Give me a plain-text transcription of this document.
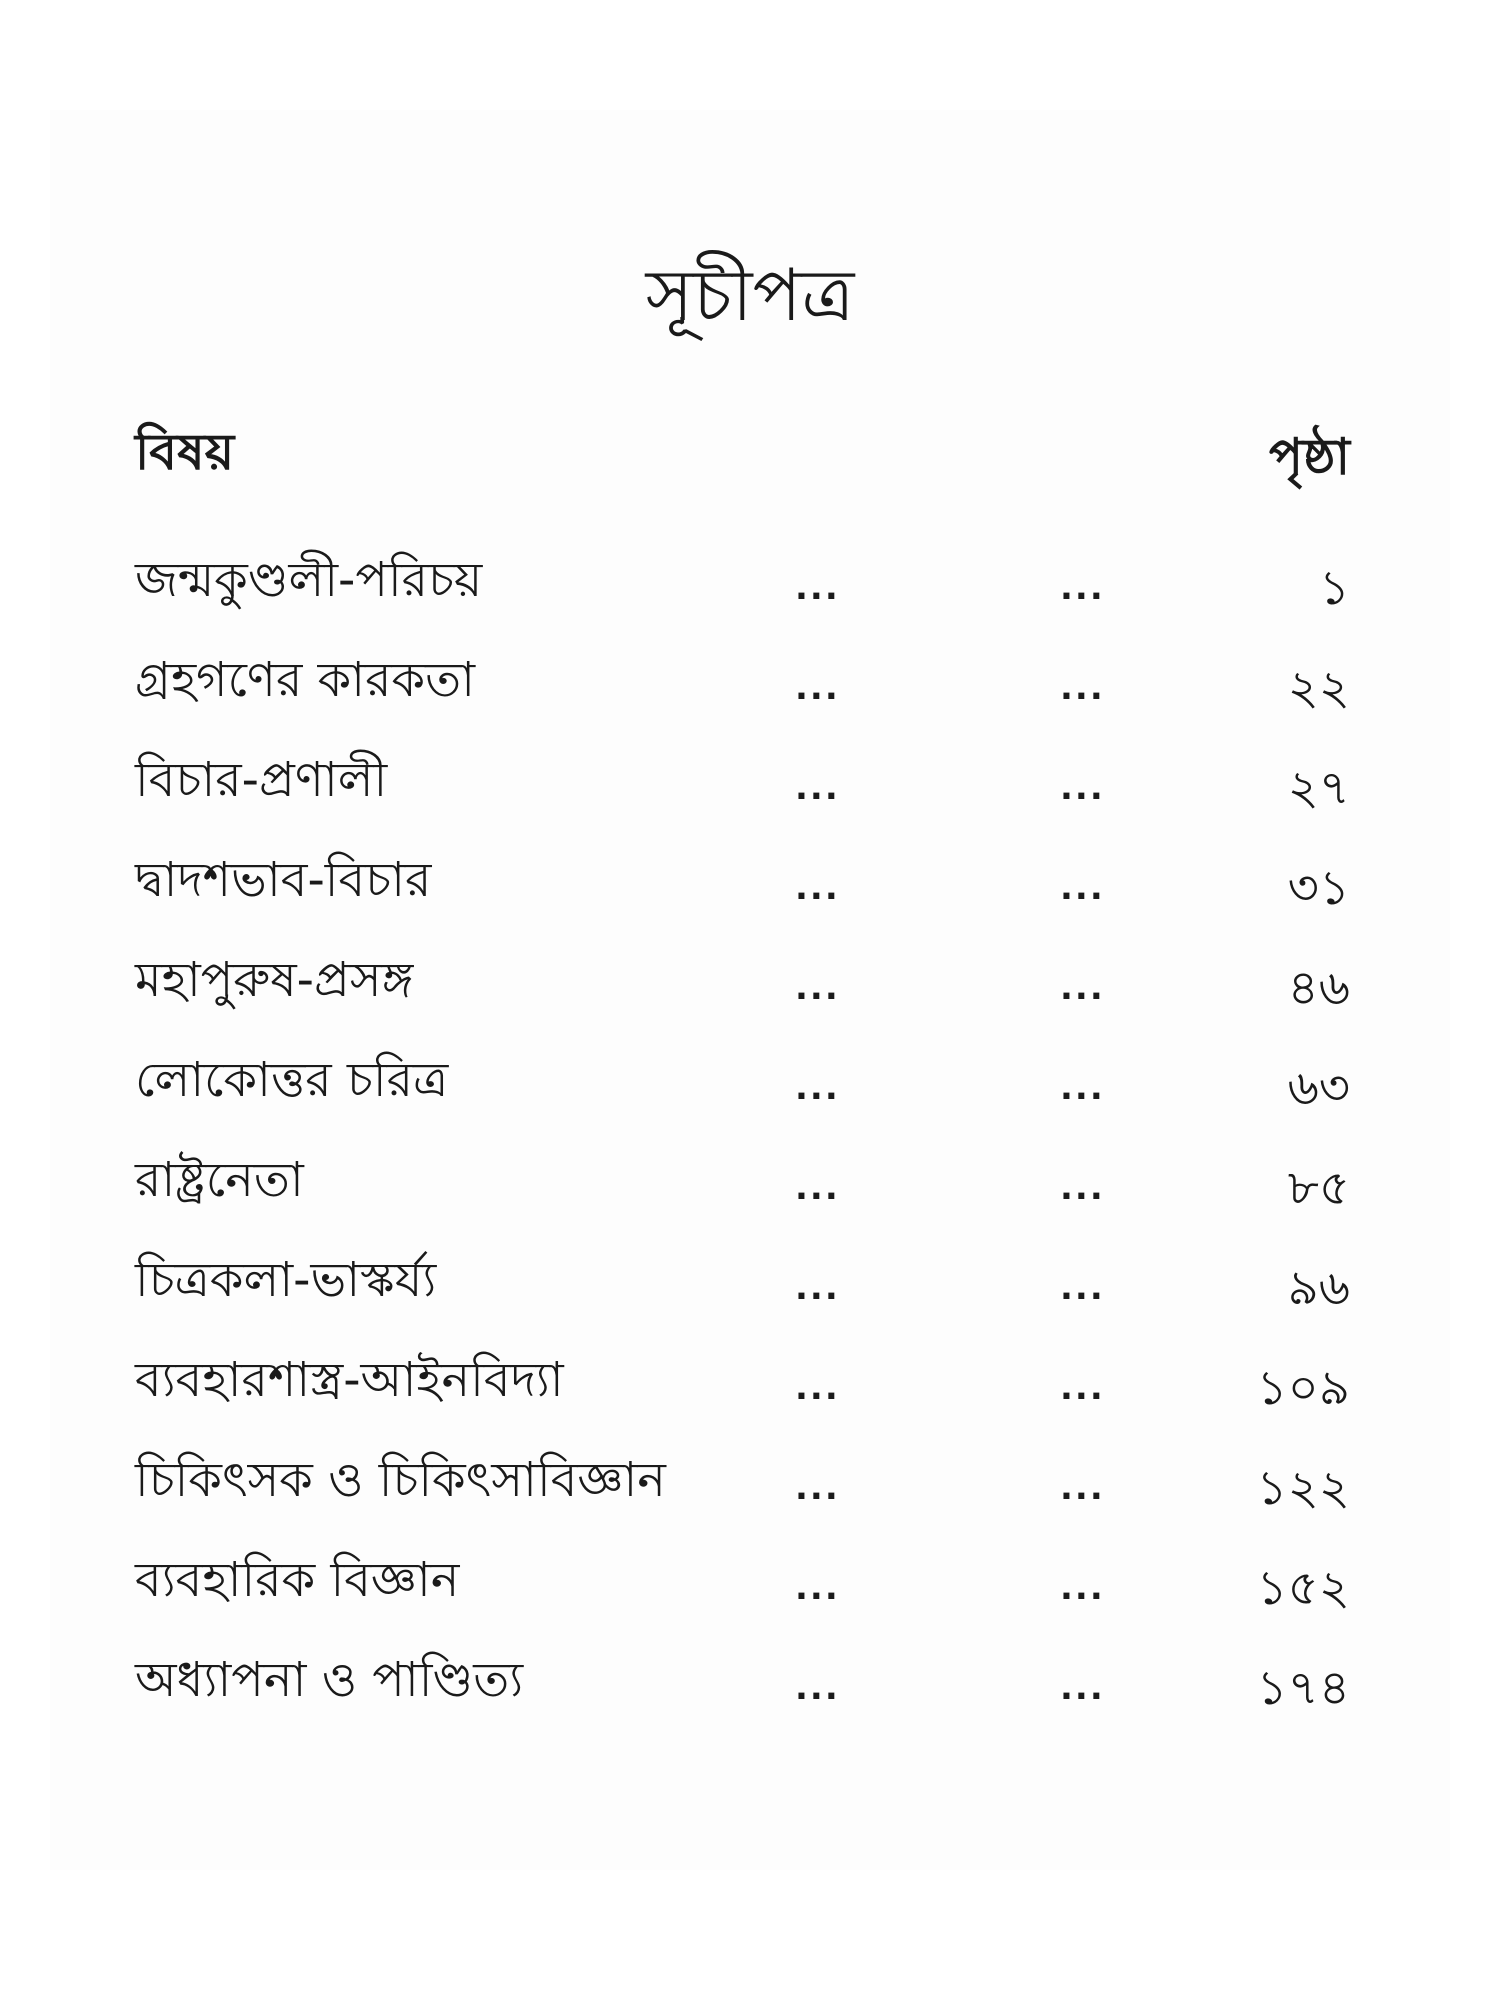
সূচীপত্র
বিষয়	পৃষ্ঠা
জন্মকুণ্ডলী-পরিচয়	...	...	১
গ্রহগণের কারকতা	...	...	২২
বিচার-প্রণালী	...	...	২৭
দ্বাদশভাব-বিচার	...	...	৩১
মহাপুরুষ-প্রসঙ্গ	...	...	৪৬
লোকোত্তর চরিত্র	...	...	৬৩
রাষ্ট্রনেতা	...	...	৮৫
চিত্রকলা-ভাস্কর্য্য	...	...	৯৬
ব্যবহারশাস্ত্র-আইনবিদ্যা	...	...	১০৯
চিকিৎসক ও চিকিৎসাবিজ্ঞান	...	...	১২২
ব্যবহারিক বিজ্ঞান	...	...	১৫২
অধ্যাপনা ও পাণ্ডিত্য	...	...	১৭৪
